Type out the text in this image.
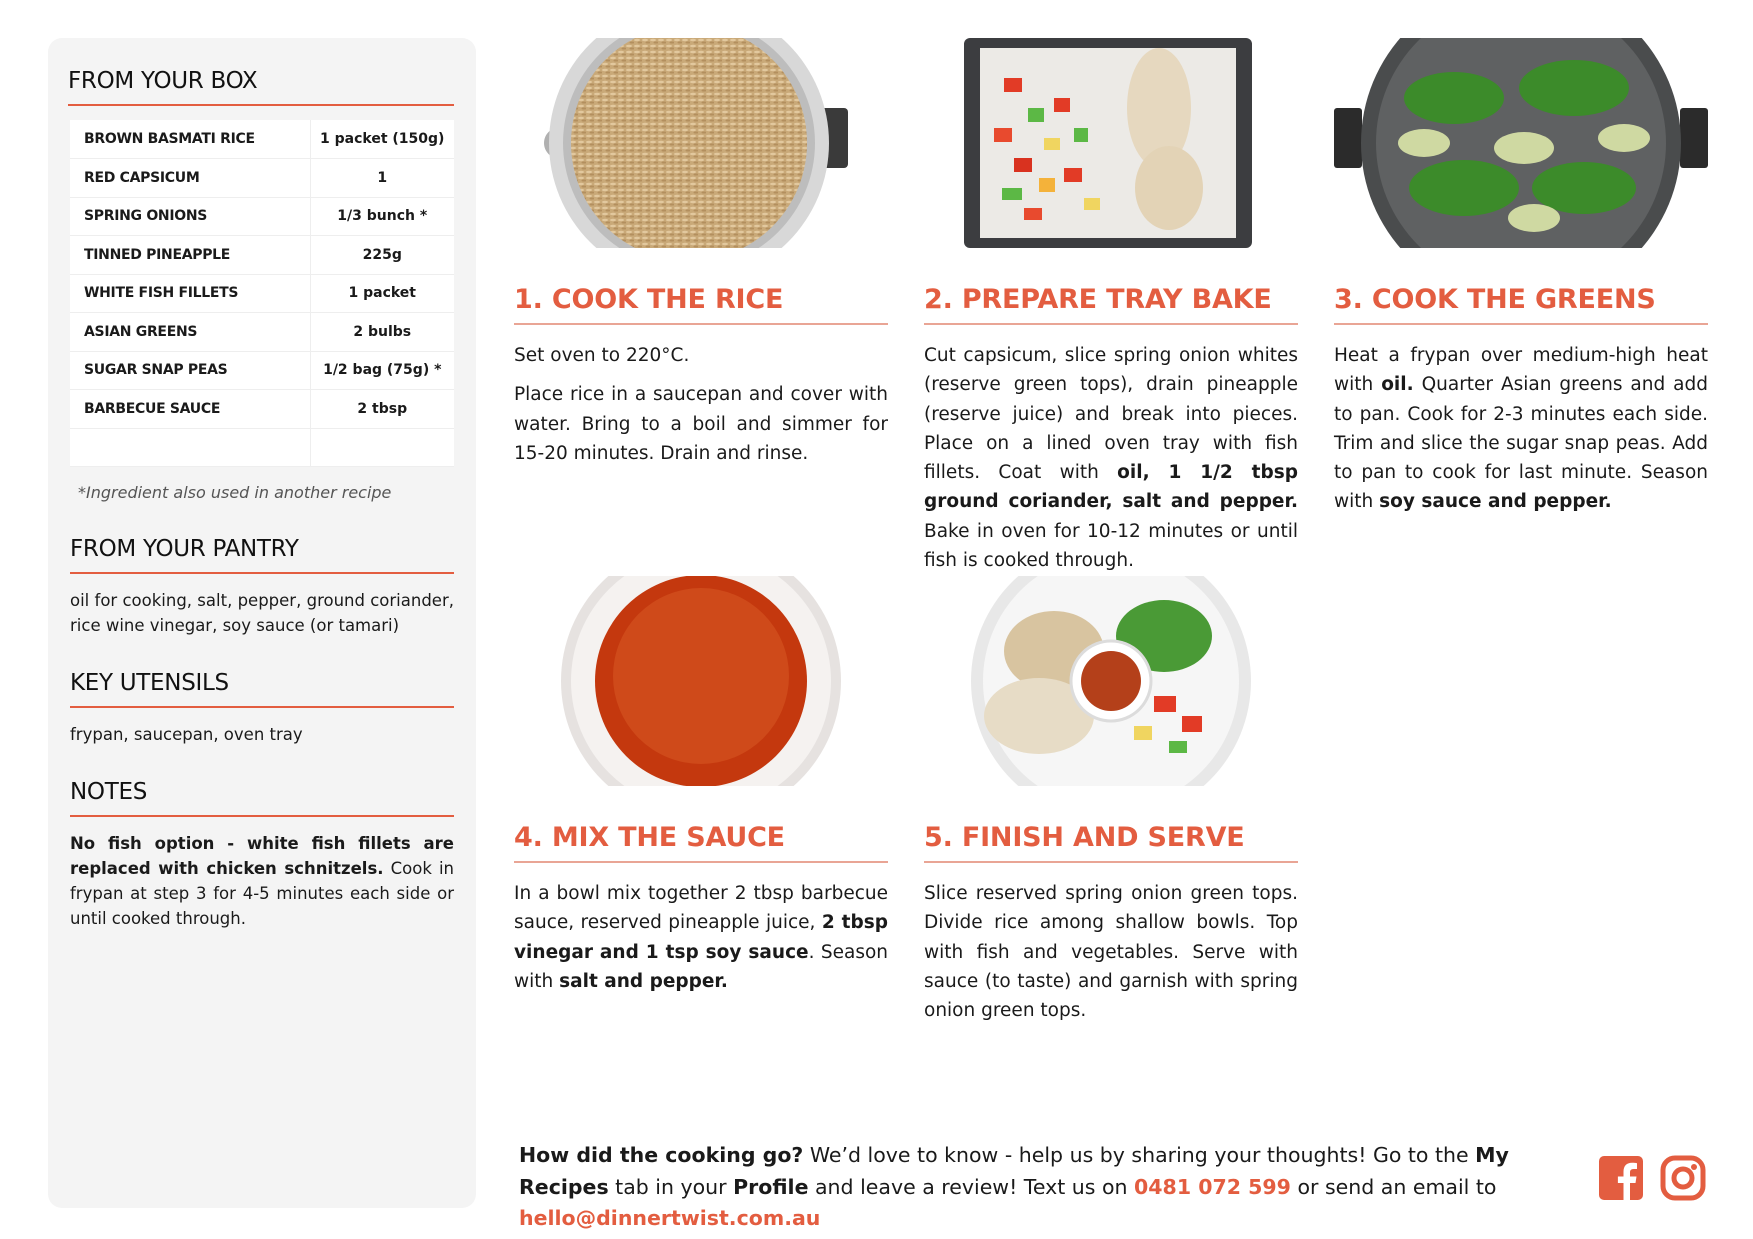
FROM YOUR BOX
BROWN BASMATI RICE	1 packet (150g)
RED CAPSICUM	1
SPRING ONIONS	1/3 bunch *
TINNED PINEAPPLE	225g
WHITE FISH FILLETS	1 packet
ASIAN GREENS	2 bulbs
SUGAR SNAP PEAS	1/2 bag (75g) *
BARBECUE SAUCE	2 tbsp

*Ingredient also used in another recipe
FROM YOUR PANTRY
oil for cooking, salt, pepper, ground coriander, rice wine vinegar, soy sauce (or tamari)
KEY UTENSILS
frypan, saucepan, oven tray
NOTES
No fish option - white fish fillets are replaced with chicken schnitzels. Cook in frypan at step 3 for 4-5 minutes each side or until cooked through.
1. COOK THE RICE

Set oven to 220°C.

Place rice in a saucepan and cover with water. Bring to a boil and simmer for 15-20 minutes. Drain and rinse.

2. PREPARE TRAY BAKE

Cut capsicum, slice spring onion whites (reserve green tops), drain pineapple (reserve juice) and break into pieces. Place on a lined oven tray with fish fillets. Coat with oil, 1 1/2 tbsp ground coriander, salt and pepper. Bake in oven for 10-12 minutes or until fish is cooked through.

3. COOK THE GREENS

Heat a frypan over medium-high heat with oil. Quarter Asian greens and add to pan. Cook for 2-3 minutes each side. Trim and slice the sugar snap peas. Add to pan to cook for last minute. Season with soy sauce and pepper.

4. MIX THE SAUCE

In a bowl mix together 2 tbsp barbecue sauce, reserved pineapple juice, 2 tbsp vinegar and 1 tsp soy sauce. Season with salt and pepper.

5. FINISH AND SERVE

Slice reserved spring onion green tops. Divide rice among shallow bowls. Top with fish and vegetables. Serve with sauce (to taste) and garnish with spring onion green tops.

How did the cooking go? We’d love to know - help us by sharing your thoughts! Go to the My Recipes tab in your Profile and leave a review! Text us on 0481 072 599 or send an email to hello@dinnertwist.com.au
